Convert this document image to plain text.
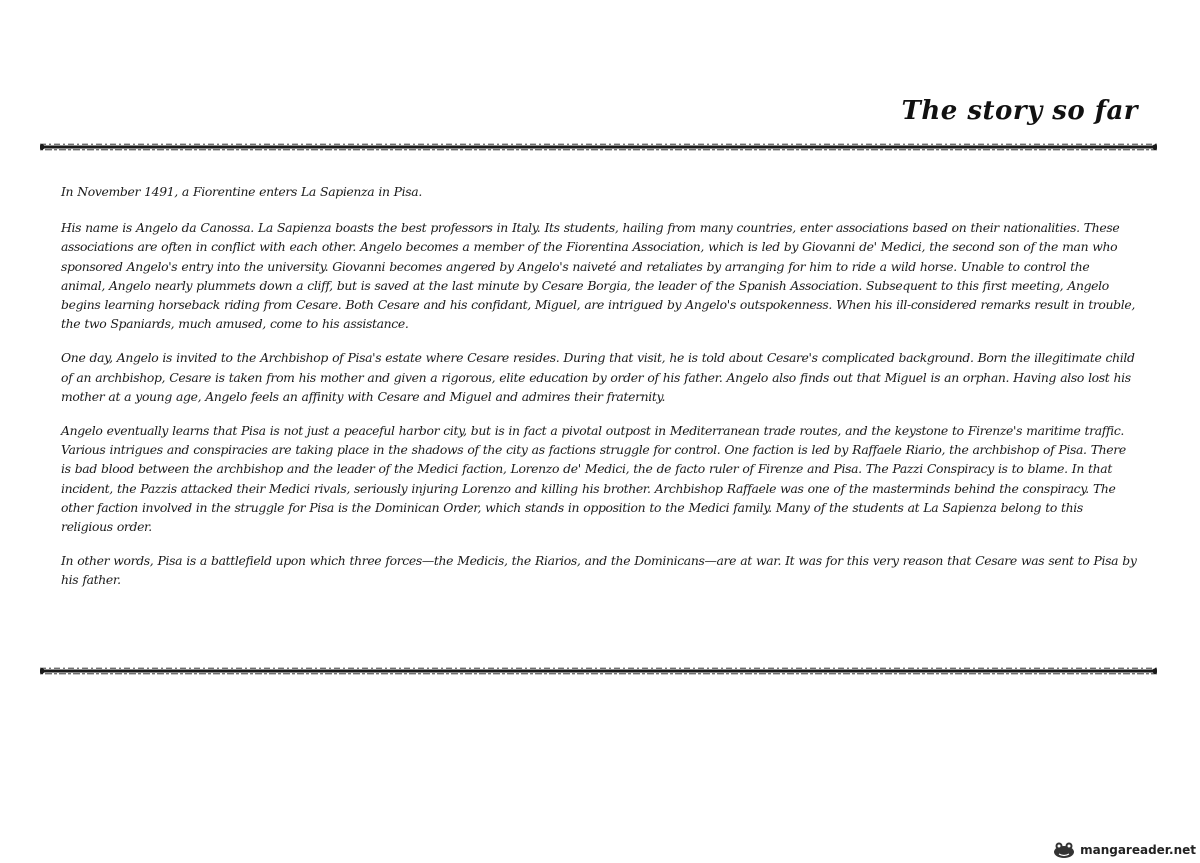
The story so far

In November 1491, a Fiorentine enters La Sapienza in Pisa.

His name is Angelo da Canossa. La Sapienza boasts the best professors in Italy. Its students, hailing from many countries, enter associations based on their nationalities. These associations are often in conflict with each other. Angelo becomes a member of the Fiorentina Association, which is led by Giovanni de' Medici, the second son of the man who sponsored Angelo's entry into the university. Giovanni becomes angered by Angelo's naiveté and retaliates by arranging for him to ride a wild horse. Unable to control the animal, Angelo nearly plummets down a cliff, but is saved at the last minute by Cesare Borgia, the leader of the Spanish Association. Subsequent to this first meeting, Angelo begins learning horseback riding from Cesare. Both Cesare and his confidant, Miguel, are intrigued by Angelo's outspokenness. When his ill-considered remarks result in trouble, the two Spaniards, much amused, come to his assistance.

One day, Angelo is invited to the Archbishop of Pisa's estate where Cesare resides. During that visit, he is told about Cesare's complicated background. Born the illegitimate child of an archbishop, Cesare is taken from his mother and given a rigorous, elite education by order of his father. Angelo also finds out that Miguel is an orphan. Having also lost his mother at a young age, Angelo feels an affinity with Cesare and Miguel and admires their fraternity.

Angelo eventually learns that Pisa is not just a peaceful harbor city, but is in fact a pivotal outpost in Mediterranean trade routes, and the keystone to Firenze's maritime traffic. Various intrigues and conspiracies are taking place in the shadows of the city as factions struggle for control. One faction is led by Raffaele Riario, the archbishop of Pisa. There is bad blood between the archbishop and the leader of the Medici faction, Lorenzo de' Medici, the de facto ruler of Firenze and Pisa. The Pazzi Conspiracy is to blame. In that incident, the Pazzis attacked their Medici rivals, seriously injuring Lorenzo and killing his brother. Archbishop Raffaele was one of the masterminds behind the conspiracy. The other faction involved in the struggle for Pisa is the Dominican Order, which stands in opposition to the Medici family. Many of the students at La Sapienza belong to this religious order.

In other words, Pisa is a battlefield upon which three forces—the Medicis, the Riarios, and the Dominicans—are at war. It was for this very reason that Cesare was sent to Pisa by his father.

mangareader.net
